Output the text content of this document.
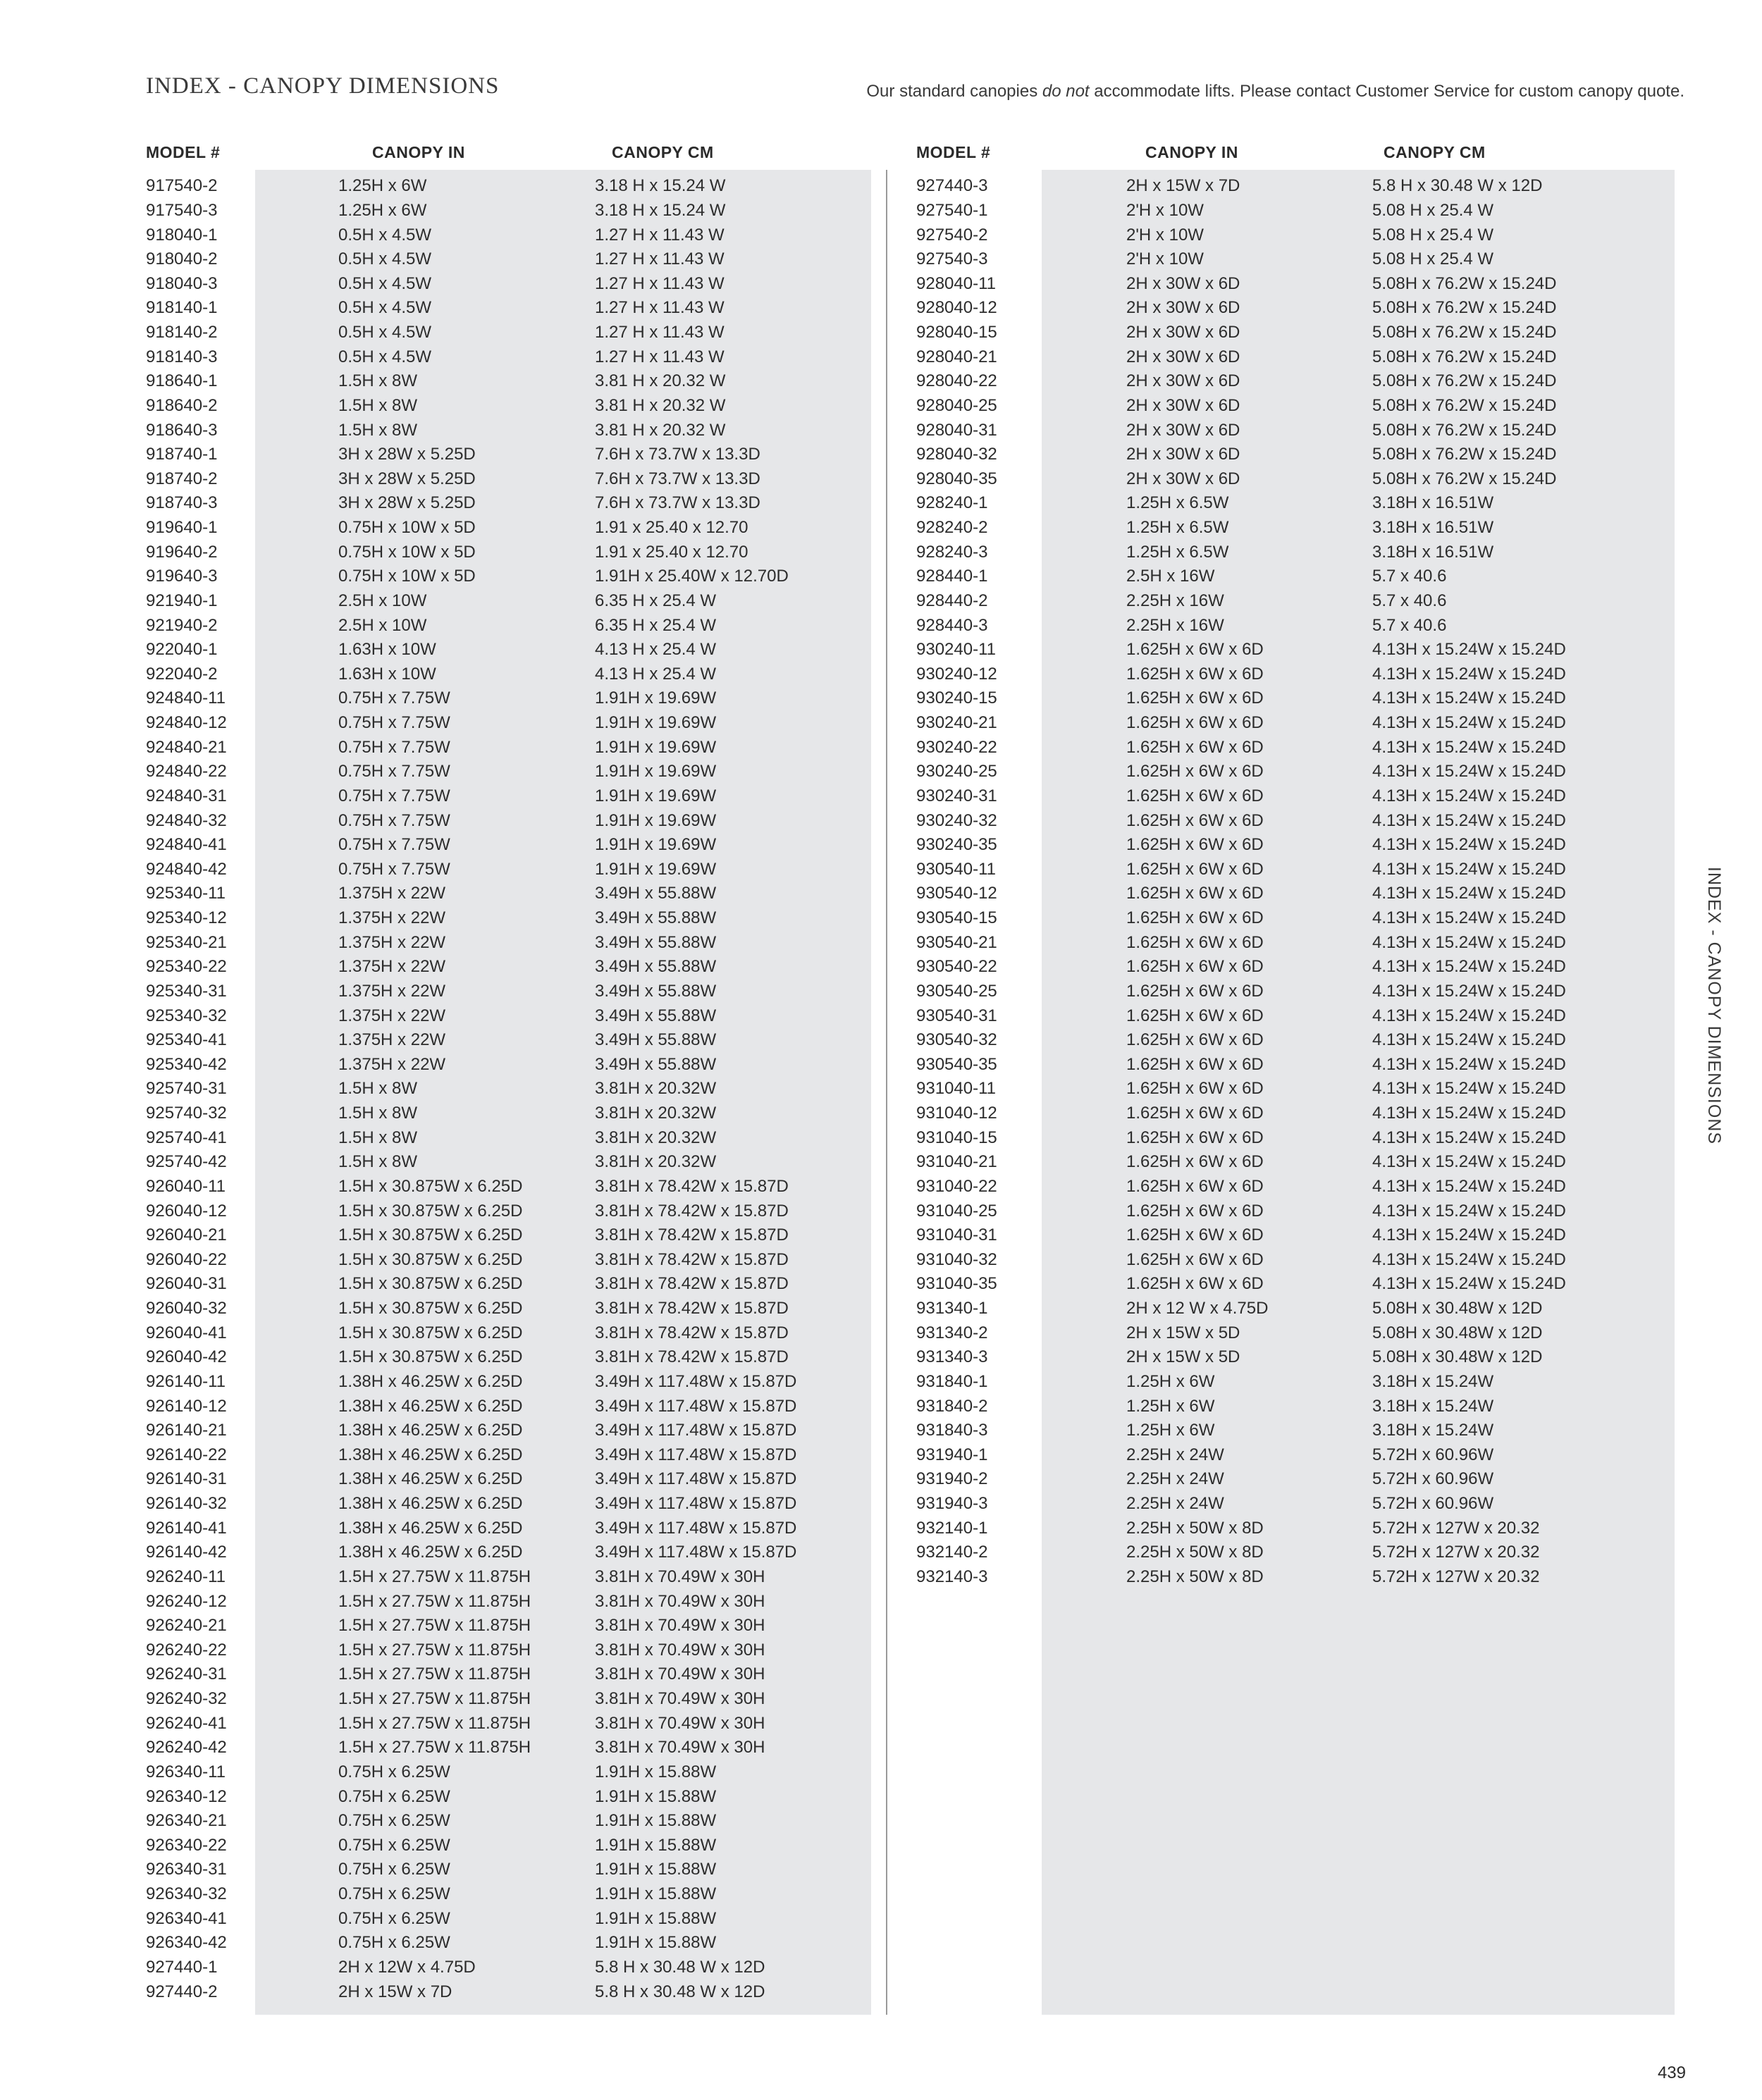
INDEX - CANOPY DIMENSIONS	Our standard canopies do not accommodate lifts. Please contact Customer Service for custom canopy quote.
MODEL #	CANOPY IN	CANOPY CM	MODEL #	CANOPY IN	CANOPY CM
917540-2	1.25H x 6W	3.18 H x 15.24 W
917540-3	1.25H x 6W	3.18 H x 15.24 W
918040-1	0.5H x 4.5W	1.27 H x 11.43 W
918040-2	0.5H x 4.5W	1.27 H x 11.43 W
918040-3	0.5H x 4.5W	1.27 H x 11.43 W
918140-1	0.5H x 4.5W	1.27 H x 11.43 W
918140-2	0.5H x 4.5W	1.27 H x 11.43 W
918140-3	0.5H x 4.5W	1.27 H x 11.43 W
918640-1	1.5H x 8W	3.81 H x 20.32 W
918640-2	1.5H x 8W	3.81 H x 20.32 W
918640-3	1.5H x 8W	3.81 H x 20.32 W
918740-1	3H x 28W x 5.25D	7.6H x 73.7W x 13.3D
918740-2	3H x 28W x 5.25D	7.6H x 73.7W x 13.3D
918740-3	3H x 28W x 5.25D	7.6H x 73.7W x 13.3D
919640-1	0.75H x 10W x 5D	1.91 x 25.40 x 12.70
919640-2	0.75H x 10W x 5D	1.91 x 25.40 x 12.70
919640-3	0.75H x 10W x 5D	1.91H x 25.40W x 12.70D
921940-1	2.5H x 10W	6.35 H x 25.4 W
921940-2	2.5H x 10W	6.35 H x 25.4 W
922040-1	1.63H x 10W	4.13 H x 25.4 W
922040-2	1.63H x 10W	4.13 H x 25.4 W
924840-11	0.75H x 7.75W	1.91H x 19.69W
924840-12	0.75H x 7.75W	1.91H x 19.69W
924840-21	0.75H x 7.75W	1.91H x 19.69W
924840-22	0.75H x 7.75W	1.91H x 19.69W
924840-31	0.75H x 7.75W	1.91H x 19.69W
924840-32	0.75H x 7.75W	1.91H x 19.69W
924840-41	0.75H x 7.75W	1.91H x 19.69W
924840-42	0.75H x 7.75W	1.91H x 19.69W
925340-11	1.375H x 22W	3.49H x 55.88W
925340-12	1.375H x 22W	3.49H x 55.88W
925340-21	1.375H x 22W	3.49H x 55.88W
925340-22	1.375H x 22W	3.49H x 55.88W
925340-31	1.375H x 22W	3.49H x 55.88W
925340-32	1.375H x 22W	3.49H x 55.88W
925340-41	1.375H x 22W	3.49H x 55.88W
925340-42	1.375H x 22W	3.49H x 55.88W
925740-31	1.5H x 8W	3.81H x 20.32W
925740-32	1.5H x 8W	3.81H x 20.32W
925740-41	1.5H x 8W	3.81H x 20.32W
925740-42	1.5H x 8W	3.81H x 20.32W
926040-11	1.5H x 30.875W x 6.25D	3.81H x 78.42W x 15.87D
926040-12	1.5H x 30.875W x 6.25D	3.81H x 78.42W x 15.87D
926040-21	1.5H x 30.875W x 6.25D	3.81H x 78.42W x 15.87D
926040-22	1.5H x 30.875W x 6.25D	3.81H x 78.42W x 15.87D
926040-31	1.5H x 30.875W x 6.25D	3.81H x 78.42W x 15.87D
926040-32	1.5H x 30.875W x 6.25D	3.81H x 78.42W x 15.87D
926040-41	1.5H x 30.875W x 6.25D	3.81H x 78.42W x 15.87D
926040-42	1.5H x 30.875W x 6.25D	3.81H x 78.42W x 15.87D
926140-11	1.38H x 46.25W x 6.25D	3.49H x 117.48W x 15.87D
926140-12	1.38H x 46.25W x 6.25D	3.49H x 117.48W x 15.87D
926140-21	1.38H x 46.25W x 6.25D	3.49H x 117.48W x 15.87D
926140-22	1.38H x 46.25W x 6.25D	3.49H x 117.48W x 15.87D
926140-31	1.38H x 46.25W x 6.25D	3.49H x 117.48W x 15.87D
926140-32	1.38H x 46.25W x 6.25D	3.49H x 117.48W x 15.87D
926140-41	1.38H x 46.25W x 6.25D	3.49H x 117.48W x 15.87D
926140-42	1.38H x 46.25W x 6.25D	3.49H x 117.48W x 15.87D
926240-11	1.5H x 27.75W x 11.875H	3.81H x 70.49W x 30H
926240-12	1.5H x 27.75W x 11.875H	3.81H x 70.49W x 30H
926240-21	1.5H x 27.75W x 11.875H	3.81H x 70.49W x 30H
926240-22	1.5H x 27.75W x 11.875H	3.81H x 70.49W x 30H
926240-31	1.5H x 27.75W x 11.875H	3.81H x 70.49W x 30H
926240-32	1.5H x 27.75W x 11.875H	3.81H x 70.49W x 30H
926240-41	1.5H x 27.75W x 11.875H	3.81H x 70.49W x 30H
926240-42	1.5H x 27.75W x 11.875H	3.81H x 70.49W x 30H
926340-11	0.75H x 6.25W	1.91H x 15.88W
926340-12	0.75H x 6.25W	1.91H x 15.88W
926340-21	0.75H x 6.25W	1.91H x 15.88W
926340-22	0.75H x 6.25W	1.91H x 15.88W
926340-31	0.75H x 6.25W	1.91H x 15.88W
926340-32	0.75H x 6.25W	1.91H x 15.88W
926340-41	0.75H x 6.25W	1.91H x 15.88W
926340-42	0.75H x 6.25W	1.91H x 15.88W
927440-1	2H x 12W x 4.75D	5.8 H x 30.48 W x 12D
927440-2	2H x 15W x 7D	5.8 H x 30.48 W x 12D
927440-3	2H x 15W x 7D	5.8 H x 30.48 W x 12D
927540-1	2'H x 10W	5.08 H x 25.4 W
927540-2	2'H x 10W	5.08 H x 25.4 W
927540-3	2'H x 10W	5.08 H x 25.4 W
928040-11	2H x 30W x 6D	5.08H x 76.2W x 15.24D
928040-12	2H x 30W x 6D	5.08H x 76.2W x 15.24D
928040-15	2H x 30W x 6D	5.08H x 76.2W x 15.24D
928040-21	2H x 30W x 6D	5.08H x 76.2W x 15.24D
928040-22	2H x 30W x 6D	5.08H x 76.2W x 15.24D
928040-25	2H x 30W x 6D	5.08H x 76.2W x 15.24D
928040-31	2H x 30W x 6D	5.08H x 76.2W x 15.24D
928040-32	2H x 30W x 6D	5.08H x 76.2W x 15.24D
928040-35	2H x 30W x 6D	5.08H x 76.2W x 15.24D
928240-1	1.25H x 6.5W	3.18H x 16.51W
928240-2	1.25H x 6.5W	3.18H x 16.51W
928240-3	1.25H x 6.5W	3.18H x 16.51W
928440-1	2.5H x 16W	5.7 x 40.6
928440-2	2.25H x 16W	5.7 x 40.6
928440-3	2.25H x 16W	5.7 x 40.6
930240-11	1.625H x 6W x 6D	4.13H x 15.24W x 15.24D
930240-12	1.625H x 6W x 6D	4.13H x 15.24W x 15.24D
930240-15	1.625H x 6W x 6D	4.13H x 15.24W x 15.24D
930240-21	1.625H x 6W x 6D	4.13H x 15.24W x 15.24D
930240-22	1.625H x 6W x 6D	4.13H x 15.24W x 15.24D
930240-25	1.625H x 6W x 6D	4.13H x 15.24W x 15.24D
930240-31	1.625H x 6W x 6D	4.13H x 15.24W x 15.24D
930240-32	1.625H x 6W x 6D	4.13H x 15.24W x 15.24D
930240-35	1.625H x 6W x 6D	4.13H x 15.24W x 15.24D
930540-11	1.625H x 6W x 6D	4.13H x 15.24W x 15.24D
930540-12	1.625H x 6W x 6D	4.13H x 15.24W x 15.24D
930540-15	1.625H x 6W x 6D	4.13H x 15.24W x 15.24D
930540-21	1.625H x 6W x 6D	4.13H x 15.24W x 15.24D
930540-22	1.625H x 6W x 6D	4.13H x 15.24W x 15.24D
930540-25	1.625H x 6W x 6D	4.13H x 15.24W x 15.24D
930540-31	1.625H x 6W x 6D	4.13H x 15.24W x 15.24D
930540-32	1.625H x 6W x 6D	4.13H x 15.24W x 15.24D
930540-35	1.625H x 6W x 6D	4.13H x 15.24W x 15.24D
931040-11	1.625H x 6W x 6D	4.13H x 15.24W x 15.24D
931040-12	1.625H x 6W x 6D	4.13H x 15.24W x 15.24D
931040-15	1.625H x 6W x 6D	4.13H x 15.24W x 15.24D
931040-21	1.625H x 6W x 6D	4.13H x 15.24W x 15.24D
931040-22	1.625H x 6W x 6D	4.13H x 15.24W x 15.24D
931040-25	1.625H x 6W x 6D	4.13H x 15.24W x 15.24D
931040-31	1.625H x 6W x 6D	4.13H x 15.24W x 15.24D
931040-32	1.625H x 6W x 6D	4.13H x 15.24W x 15.24D
931040-35	1.625H x 6W x 6D	4.13H x 15.24W x 15.24D
931340-1	2H x 12 W x 4.75D	5.08H x 30.48W x 12D
931340-2	2H x 15W x 5D	5.08H x 30.48W x 12D
931340-3	2H x 15W x 5D	5.08H x 30.48W x 12D
931840-1	1.25H x 6W	3.18H x 15.24W
931840-2	1.25H x 6W	3.18H x 15.24W
931840-3	1.25H x 6W	3.18H x 15.24W
931940-1	2.25H x 24W	5.72H x 60.96W
931940-2	2.25H x 24W	5.72H x 60.96W
931940-3	2.25H x 24W	5.72H x 60.96W
932140-1	2.25H x 50W x 8D	5.72H x 127W x 20.32
932140-2	2.25H x 50W x 8D	5.72H x 127W x 20.32
932140-3	2.25H x 50W x 8D	5.72H x 127W x 20.32
INDEX - CANOPY DIMENSIONS
439
